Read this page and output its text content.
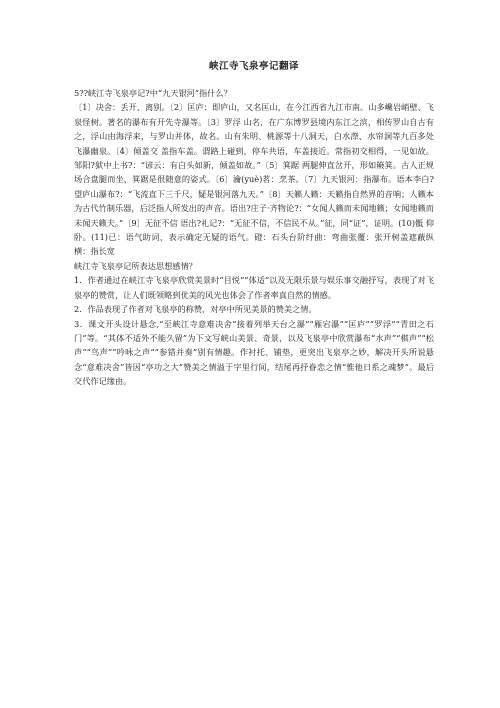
峡江寺飞泉亭记翻译

5??峡江寺飞泉亭记?中“九天银河”指什么？

〔1〕决舍：丢开、离别。〔2〕匡庐：即庐山，又名匡山，在今江西省九江市南。山多巉岩峭壁、飞泉怪树。著名的瀑布有开先寺瀑等。〔3〕罗浮 山名，在广东博罗县境内东江之滨，相传罗山自古有之，浮山由海浮来，与罗山并体，故名。山有朱明、桃源等十八洞天，白水漈、水帘洞等九百多处飞瀑幽泉。〔4〕倾盖交 盖指车盖。谓路上碰到，停车共语，车盖接近。常指初交相得，一见如故。邹阳?狱中上书?：“谚云：有白头如新，倾盖如故。”〔5〕箕踞 两腿伸直岔开，形如簸箕。古人正规场合盘腿而坐，箕踞是很随意的姿式。〔6〕瀹(yuè)茗：烹茶。〔7〕九天银河：指瀑布。语本李白?望庐山瀑布?：“飞流直下三千尺，疑是银河落九天。”〔8〕天籁人籁：天籁指自然界的音响；人籁本为古代竹制乐器，后泛指人所发出的声音。语出?庄子·齐物论?：“女闻人籁而未闻地籁；女闻地籁而未闻天籁夫。”〔9〕无征不信 语出?礼记?：“无征不信，不信民不从。”征，同“证”，证明。(10)骶 仰卧。(11)已：语气助词，表示确定无疑的语气。磴：石头台阶纡曲：弯曲张覆：张开树盖遮蔽纵横：指长宽

峡江寺飞泉亭记所表达思想感情？

1．作者通过在峡江寺飞泉亭欣赏美景时“目悦”“体适”以及无限乐景与娱乐事交融抒写，表现了对飞泉亭的赞赏，让人们既领略到优美的风光也体会了作者率真自然的情感。

2．作品表现了作者对飞泉亭的称赞，对亭中所见美景的赞美之情。

3．课文开头设计悬念,“至峡江寺意难决舍”接着列举天台之瀑”“雁宕瀑”“匡庐”“罗浮”“青田之石门”等。“其体不适外不能久留”为下文写峡山美景、奇景，以及飞泉亭中欣赏瀑布“水声”“棋声”“松声”“鸟声”“吟咏之声”“参错并奏”别有情趣。作衬托、铺垫，更突出飞泉亭之妙，解决开头所说悬念“意难决舍”皆因“亭功之大”赞美之情溢于字里行间，结尾再抒眷恋之情“惟他日系之魂梦”。最后交代作记缘由。
